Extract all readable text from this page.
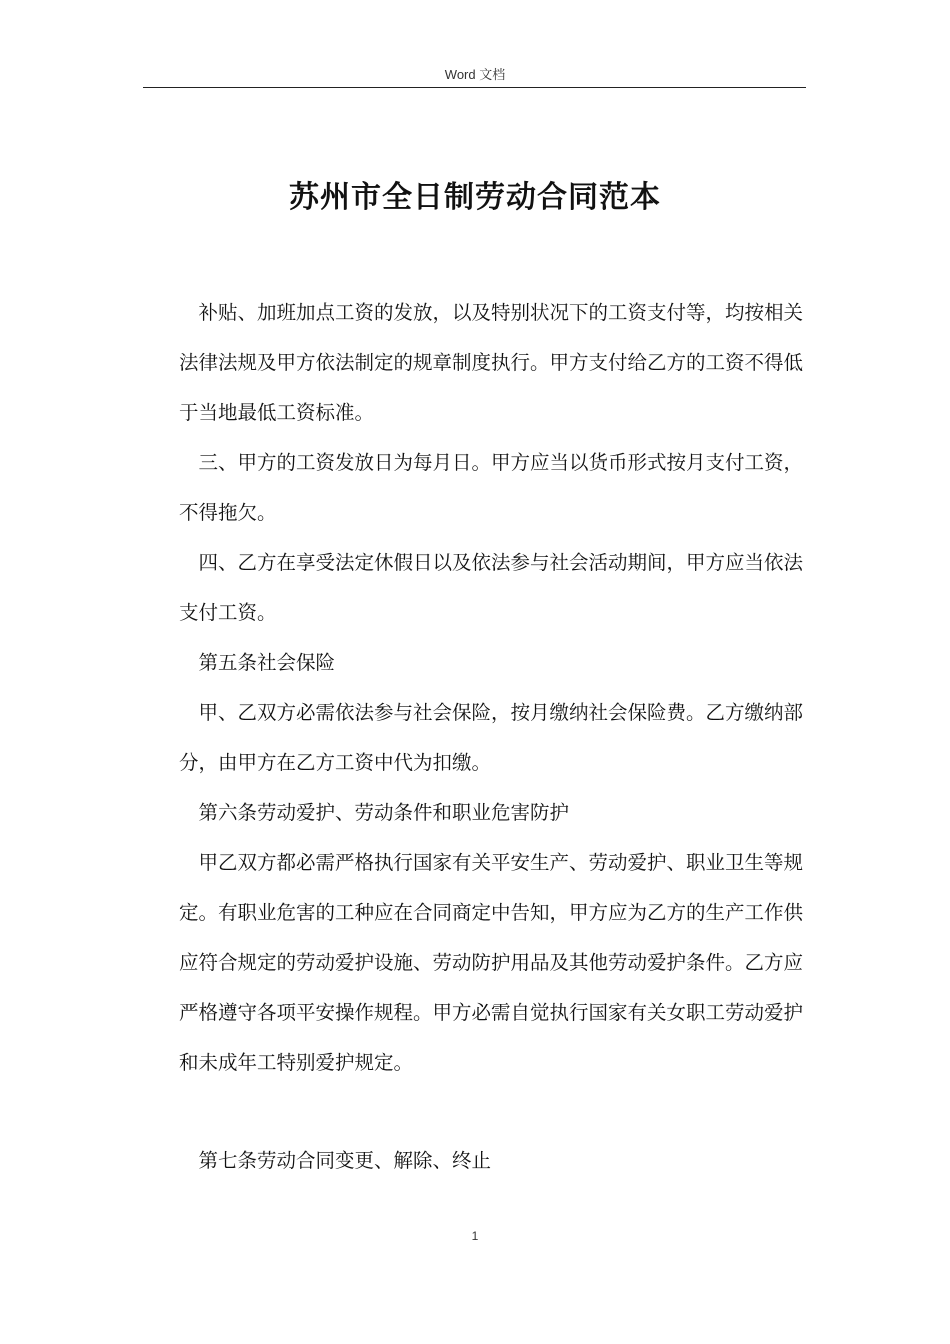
Word 文档
苏州市全日制劳动合同范本

补贴、加班加点工资的发放，以及特别状况下的工资支付等，均按相关法律法规及甲方依法制定的规章制度执行。甲方支付给乙方的工资不得低于当地最低工资标准。

三、甲方的工资发放日为每月日。甲方应当以货币形式按月支付工资，不得拖欠。

四、乙方在享受法定休假日以及依法参与社会活动期间，甲方应当依法支付工资。

第五条社会保险

甲、乙双方必需依法参与社会保险，按月缴纳社会保险费。乙方缴纳部分，由甲方在乙方工资中代为扣缴。

第六条劳动爱护、劳动条件和职业危害防护

甲乙双方都必需严格执行国家有关平安生产、劳动爱护、职业卫生等规定。有职业危害的工种应在合同商定中告知，甲方应为乙方的生产工作供应符合规定的劳动爱护设施、劳动防护用品及其他劳动爱护条件。乙方应严格遵守各项平安操作规程。甲方必需自觉执行国家有关女职工劳动爱护和未成年工特别爱护规定。

第七条劳动合同变更、解除、终止

1
